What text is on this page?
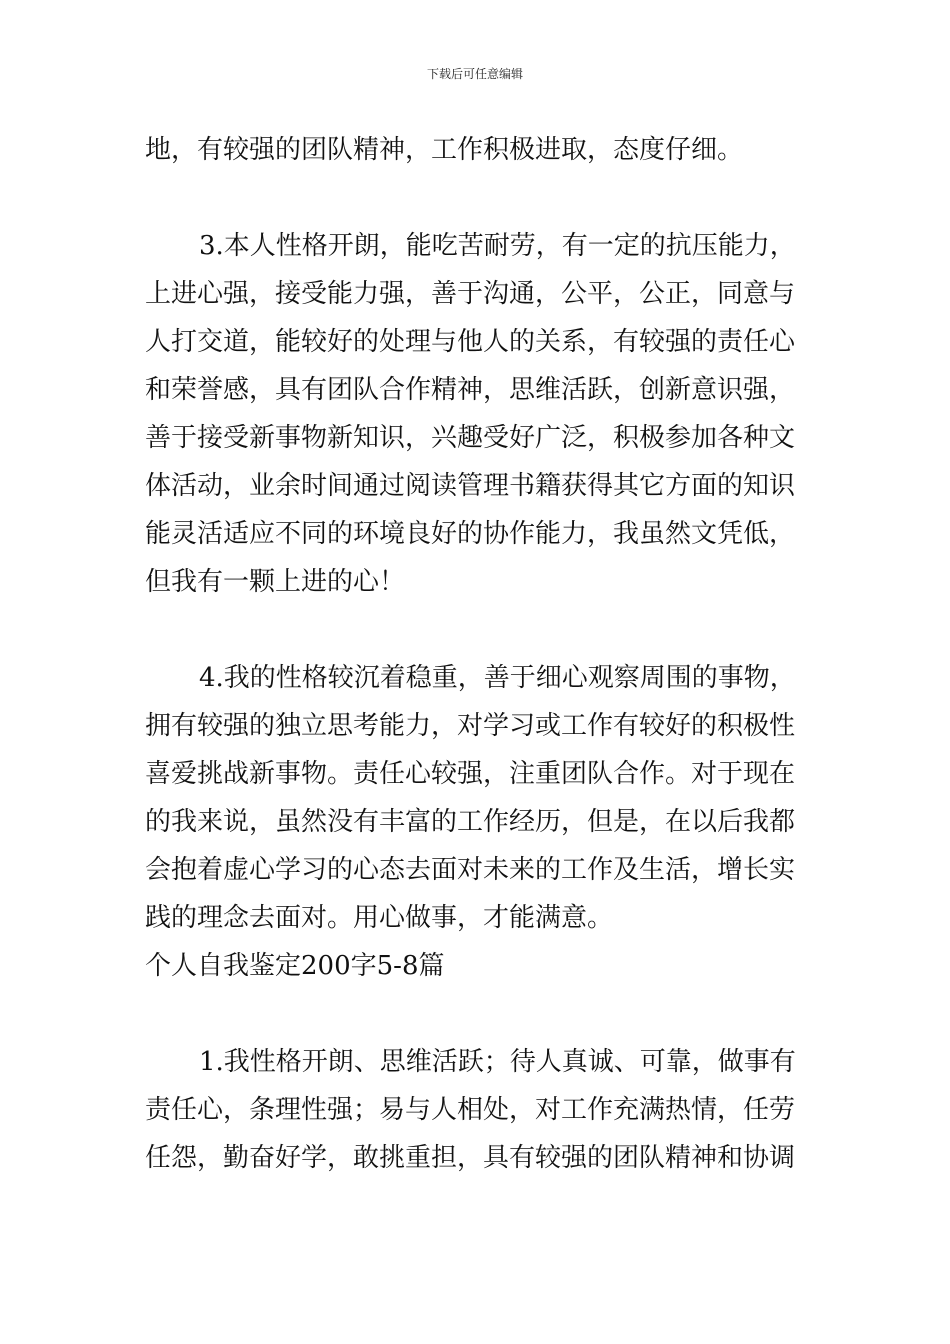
下载后可任意编辑
地，有较强的团队精神，工作积极进取，态度仔细。
3.本人性格开朗，能吃苦耐劳，有一定的抗压能力，
上进心强，接受能力强，善于沟通，公平，公正，同意与
人打交道，能较好的处理与他人的关系，有较强的责任心
和荣誉感，具有团队合作精神，思维活跃，创新意识强，
善于接受新事物新知识，兴趣受好广泛，积极参加各种文
体活动，业余时间通过阅读管理书籍获得其它方面的知识
能灵活适应不同的环境良好的协作能力，我虽然文凭低，
但我有一颗上进的心！
4.我的性格较沉着稳重，善于细心观察周围的事物，
拥有较强的独立思考能力，对学习或工作有较好的积极性
喜爱挑战新事物。责任心较强，注重团队合作。对于现在
的我来说，虽然没有丰富的工作经历，但是，在以后我都
会抱着虚心学习的心态去面对未来的工作及生活，增长实
践的理念去面对。用心做事，才能满意。
个人自我鉴定200字5-8篇
1.我性格开朗、思维活跃；待人真诚、可靠，做事有
责任心，条理性强；易与人相处，对工作充满热情，任劳
任怨，勤奋好学，敢挑重担，具有较强的团队精神和协调
